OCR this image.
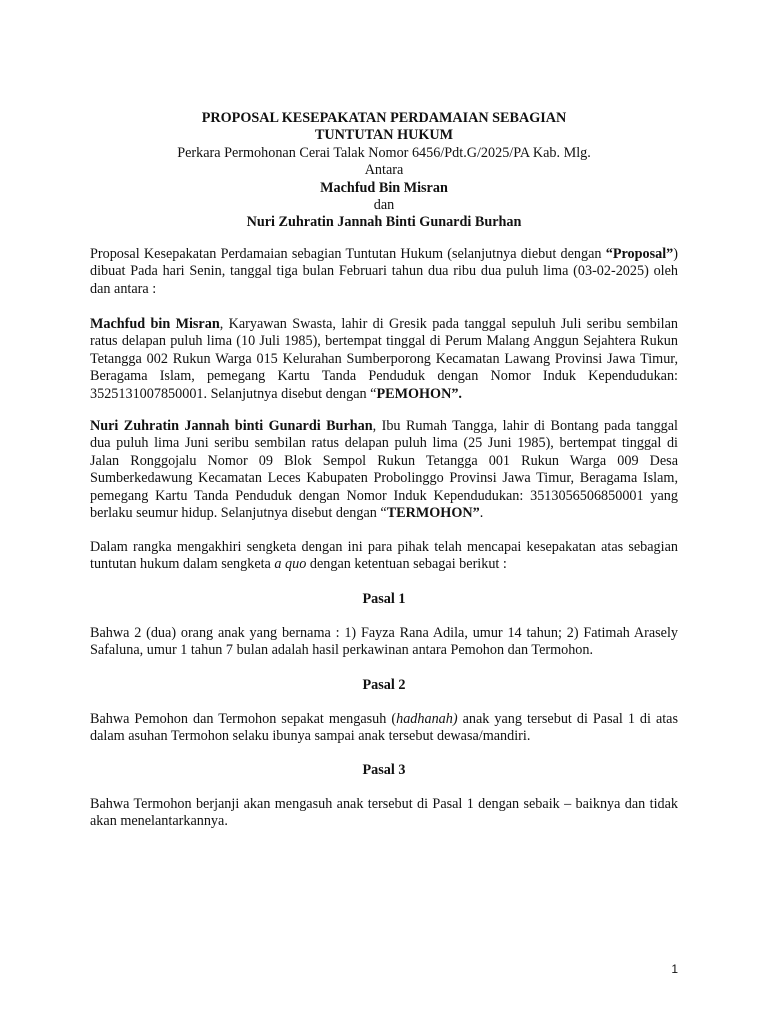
PROPOSAL KESEPAKATAN PERDAMAIAN SEBAGIAN
TUNTUTAN HUKUM
Perkara Permohonan Cerai Talak Nomor 6456/Pdt.G/2025/PA Kab. Mlg.
Antara
Machfud Bin Misran
dan
Nuri Zuhratin Jannah Binti Gunardi Burhan
Proposal Kesepakatan Perdamaian sebagian Tuntutan Hukum (selanjutnya diebut dengan “Proposal”)
dibuat Pada hari Senin, tanggal tiga bulan Februari tahun dua ribu dua puluh lima (03-02-2025) oleh
dan antara :
Machfud bin Misran, Karyawan Swasta, lahir di Gresik pada tanggal sepuluh Juli seribu sembilan
ratus delapan puluh lima (10 Juli 1985), bertempat tinggal di Perum Malang Anggun Sejahtera Rukun
Tetangga 002 Rukun Warga 015 Kelurahan Sumberporong Kecamatan Lawang Provinsi Jawa Timur,
Beragama Islam, pemegang Kartu Tanda Penduduk dengan Nomor Induk Kependudukan:
3525131007850001. Selanjutnya disebut dengan “PEMOHON”.
Nuri Zuhratin Jannah binti Gunardi Burhan, Ibu Rumah Tangga, lahir di Bontang pada tanggal
dua puluh lima Juni seribu sembilan ratus delapan puluh lima (25 Juni 1985), bertempat tinggal di
Jalan Ronggojalu Nomor 09 Blok Sempol Rukun Tetangga 001 Rukun Warga 009 Desa
Sumberkedawung Kecamatan Leces Kabupaten Probolinggo Provinsi Jawa Timur, Beragama Islam,
pemegang Kartu Tanda Penduduk dengan Nomor Induk Kependudukan: 3513056506850001 yang
berlaku seumur hidup. Selanjutnya disebut dengan “TERMOHON”.
Dalam rangka mengakhiri sengketa dengan ini para pihak telah mencapai kesepakatan atas sebagian
tuntutan hukum dalam sengketa a quo dengan ketentuan sebagai berikut :
Pasal 1
Bahwa 2 (dua) orang anak yang bernama : 1) Fayza Rana Adila, umur 14 tahun; 2) Fatimah Arasely
Safaluna, umur 1 tahun 7 bulan adalah hasil perkawinan antara Pemohon dan Termohon.
Pasal 2
Bahwa Pemohon dan Termohon sepakat mengasuh (hadhanah) anak yang tersebut di Pasal 1 di atas
dalam asuhan Termohon selaku ibunya sampai anak tersebut dewasa/mandiri.
Pasal 3
Bahwa Termohon berjanji akan mengasuh anak tersebut di Pasal 1 dengan sebaik – baiknya dan tidak
akan menelantarkannya.
1
